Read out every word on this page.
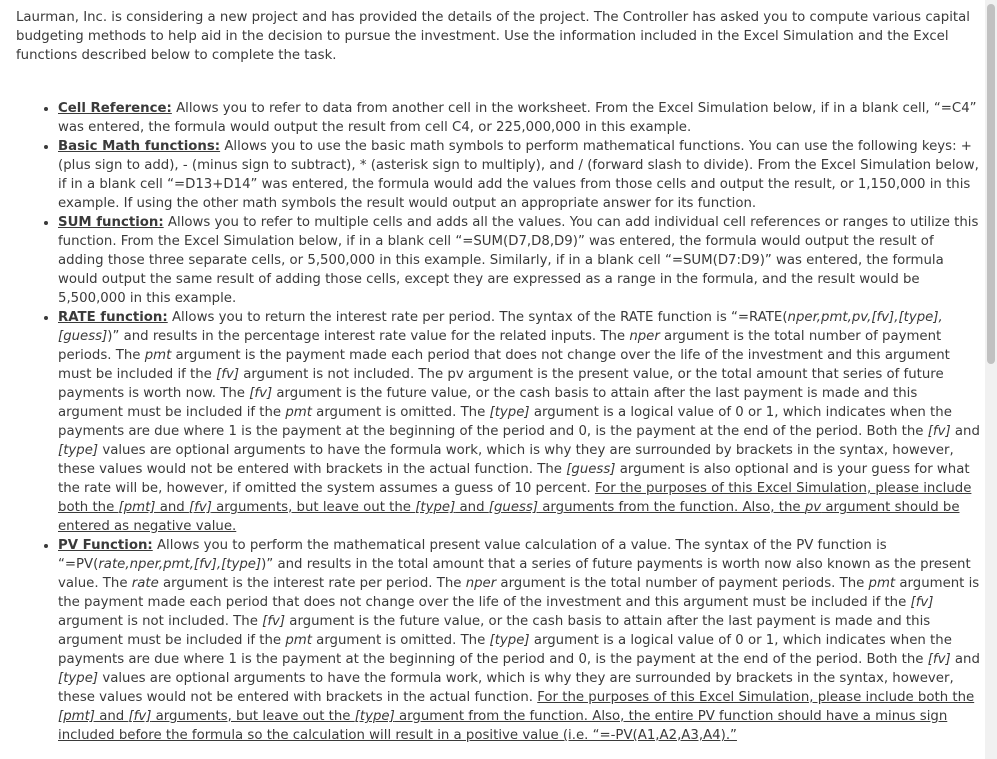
Laurman, Inc. is considering a new project and has provided the details of the project. The Controller has asked you to compute various capital budgeting methods to help aid in the decision to pursue the investment. Use the information included in the Excel Simulation and the Excel functions described below to complete the task.

• Cell Reference: Allows you to refer to data from another cell in the worksheet. From the Excel Simulation below, if in a blank cell, “=C4” was entered, the formula would output the result from cell C4, or 225,000,000 in this example.
• Basic Math functions: Allows you to use the basic math symbols to perform mathematical functions. You can use the following keys: + (plus sign to add), - (minus sign to subtract), * (asterisk sign to multiply), and / (forward slash to divide). From the Excel Simulation below, if in a blank cell “=D13+D14” was entered, the formula would add the values from those cells and output the result, or 1,150,000 in this example. If using the other math symbols the result would output an appropriate answer for its function.
• SUM function: Allows you to refer to multiple cells and adds all the values. You can add individual cell references or ranges to utilize this function. From the Excel Simulation below, if in a blank cell “=SUM(D7,D8,D9)” was entered, the formula would output the result of adding those three separate cells, or 5,500,000 in this example. Similarly, if in a blank cell “=SUM(D7:D9)” was entered, the formula would output the same result of adding those cells, except they are expressed as a range in the formula, and the result would be 5,500,000 in this example.
• RATE function: Allows you to return the interest rate per period. The syntax of the RATE function is “=RATE(nper,pmt,pv,[fv],[type],[guess])” and results in the percentage interest rate value for the related inputs. The nper argument is the total number of payment periods. The pmt argument is the payment made each period that does not change over the life of the investment and this argument must be included if the [fv] argument is not included. The pv argument is the present value, or the total amount that series of future payments is worth now. The [fv] argument is the future value, or the cash basis to attain after the last payment is made and this argument must be included if the pmt argument is omitted. The [type] argument is a logical value of 0 or 1, which indicates when the payments are due where 1 is the payment at the beginning of the period and 0, is the payment at the end of the period. Both the [fv] and [type] values are optional arguments to have the formula work, which is why they are surrounded by brackets in the syntax, however, these values would not be entered with brackets in the actual function. The [guess] argument is also optional and is your guess for what the rate will be, however, if omitted the system assumes a guess of 10 percent. For the purposes of this Excel Simulation, please include both the [pmt] and [fv] arguments, but leave out the [type] and [guess] arguments from the function. Also, the pv argument should be entered as negative value.
• PV Function: Allows you to perform the mathematical present value calculation of a value. The syntax of the PV function is “=PV(rate,nper,pmt,[fv],[type])” and results in the total amount that a series of future payments is worth now also known as the present value. The rate argument is the interest rate per period. The nper argument is the total number of payment periods. The pmt argument is the payment made each period that does not change over the life of the investment and this argument must be included if the [fv] argument is not included. The [fv] argument is the future value, or the cash basis to attain after the last payment is made and this argument must be included if the pmt argument is omitted. The [type] argument is a logical value of 0 or 1, which indicates when the payments are due where 1 is the payment at the beginning of the period and 0, is the payment at the end of the period. Both the [fv] and [type] values are optional arguments to have the formula work, which is why they are surrounded by brackets in the syntax, however, these values would not be entered with brackets in the actual function. For the purposes of this Excel Simulation, please include both the [pmt] and [fv] arguments, but leave out the [type] argument from the function. Also, the entire PV function should have a minus sign included before the formula so the calculation will result in a positive value (i.e. “=-PV(A1,A2,A3,A4).”
